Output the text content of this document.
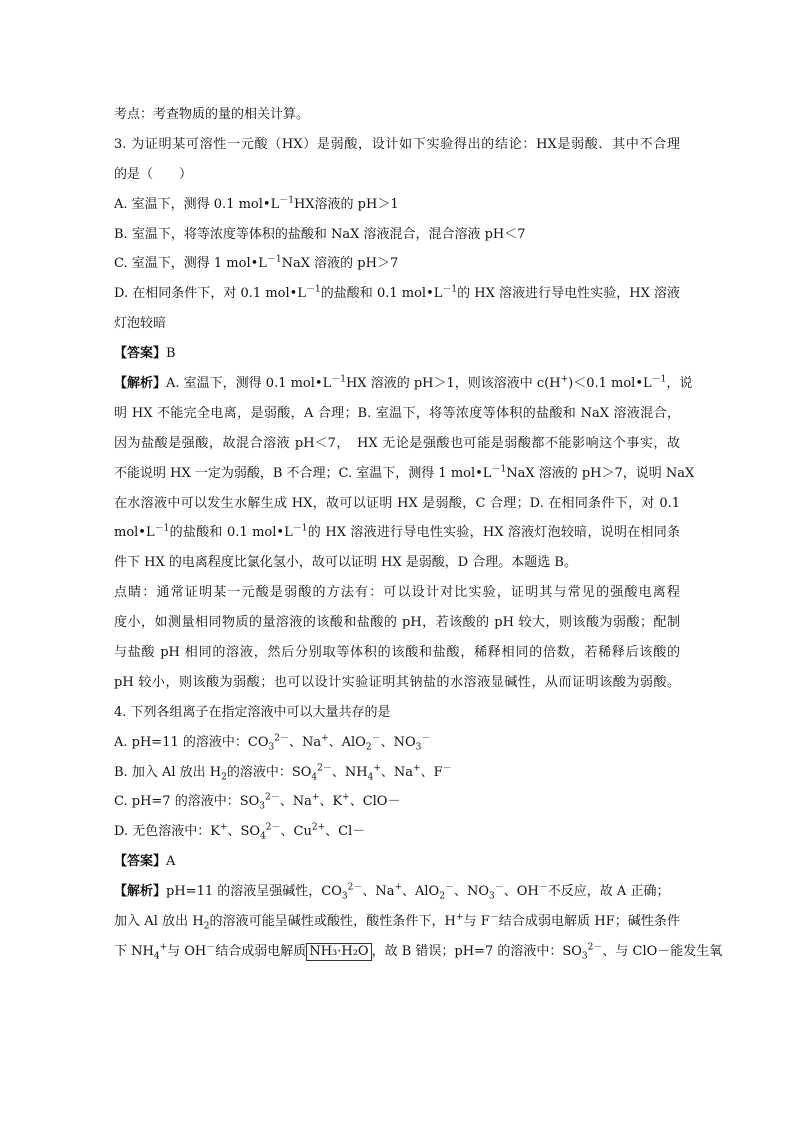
考点：考查物质的量的相关计算。
3. 为证明某可溶性一元酸（HX）是弱酸，设计如下实验得出的结论：HX是弱酸．其中不合理
的是（　　）
A. 室温下，测得 0.1 $mol•L^{-1}HX$溶液的 pH＞1
B. 室温下，将等浓度等体积的盐酸和 NaX 溶液混合，混合溶液 pH＜7
C. 室温下，测得 1 $mol•L^{-1}NaX$ 溶液的 pH＞7
D. 在相同条件下，对 0.1 $mol•L^{-1}$的盐酸和 0.1 $mol•L^{-1}$的 HX 溶液进行导电性实验，HX 溶液
灯泡较暗
【答案】B
【解析】A. 室温下，测得 0.1 $mol•L^{-1}HX$ 溶液的 pH＞1，则该溶液中 c(H+)＜0.1 $mol•L^{-1}$，说
明 HX 不能完全电离，是弱酸，A 合理；B. 室温下，将等浓度等体积的盐酸和 NaX 溶液混合，
因为盐酸是强酸，故混合溶液 pH＜7，　HX 无论是强酸也可能是弱酸都不能影响这个事实，故
不能说明 HX 一定为弱酸，B 不合理；C. 室温下，测得 1 $mol•L^{-1}NaX$ 溶液的 pH＞7，说明 NaX
在水溶液中可以发生水解生成 HX，故可以证明 HX 是弱酸，C 合理；D. 在相同条件下，对 0.1
$mol•L^{-1}$的盐酸和 0.1 $mol•L^{-1}$的 HX 溶液进行导电性实验，HX 溶液灯泡较暗，说明在相同条
件下 HX 的电离程度比氯化氢小，故可以证明 HX 是弱酸，D 合理。本题选 B。
点睛：通常证明某一元酸是弱酸的方法有：可以设计对比实验，证明其与常见的强酸电离程
度小，如测量相同物质的量溶液的该酸和盐酸的 pH，若该酸的 pH 较大，则该酸为弱酸；配制
与盐酸 pH 相同的溶液，然后分别取等体积的该酸和盐酸，稀释相同的倍数，若稀释后该酸的
pH 较小，则该酸为弱酸；也可以设计实验证明其钠盐的水溶液显碱性，从而证明该酸为弱酸。
4. 下列各组离子在指定溶液中可以大量共存的是
A. pH=11 的溶液中：$CO_3^{2-}$、Na+、AlO$_2$－、$NO_3^-$
B. 加入 Al 放出 $H_2$的溶液中：$SO_4^{2-}$、$NH_4^+$、Na+、F－
C. pH=7 的溶液中：$SO_3^{2-}$、Na+、K+、ClO－
D. 无色溶液中：K+、$SO_4^{2-}$、$Cu^{2+}$、Cl－
【答案】A
【解析】pH=11 的溶液呈强碱性，$CO_3^{2-}$、Na+、AlO$_2$－、$NO_3^-$、OH－不反应，故 A 正确；
加入 Al 放出 $H_2$的溶液可能呈碱性或酸性，酸性条件下，H+与 F－结合成弱电解质 HF；碱性条件
下 $NH_4^+$与 OH－结合成弱电解质 NH₃·H₂O ，故 B 错误；pH=7 的溶液中：$SO_3^{2-}$、与 ClO－能发生氧
